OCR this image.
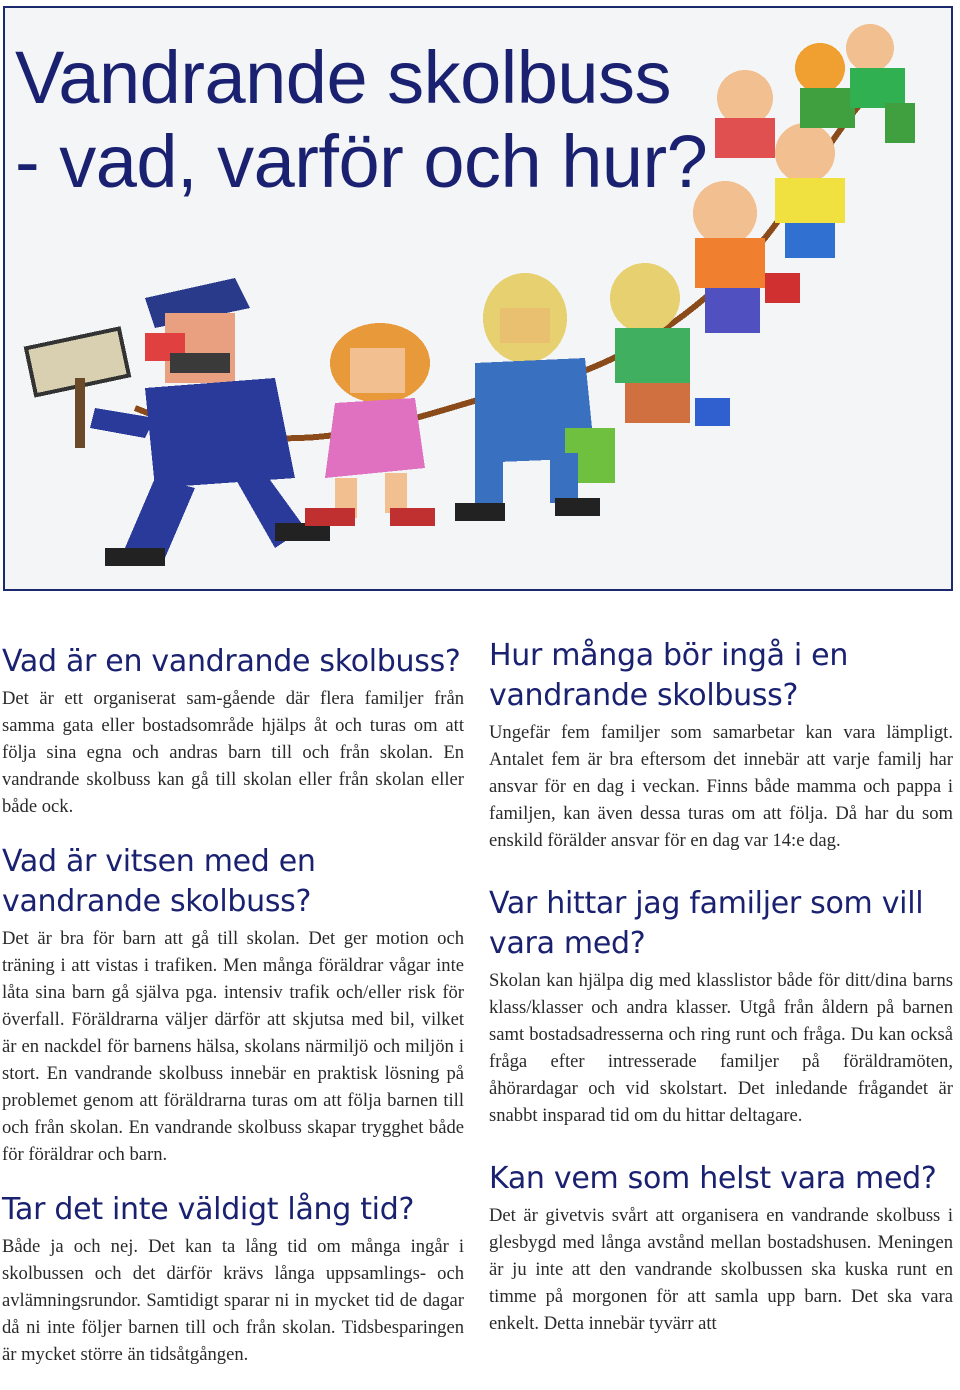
Vandrande skolbuss
- vad, varför och hur?
Vad är en vandrande skolbuss?

Det är ett organiserat sam-gående där flera familjer från samma gata eller bostadsområde hjälps åt och turas om att följa sina egna och andras barn till och från skolan. En vandrande skolbuss kan gå till skolan eller från skolan eller både ock.

Vad är vitsen med en vandrande skolbuss?

Det är bra för barn att gå till skolan. Det ger motion och träning i att vistas i trafiken. Men många föräldrar vågar inte låta sina barn gå själva pga. intensiv trafik och/eller risk för överfall. Föräldrarna väljer därför att skjutsa med bil, vilket är en nackdel för barnens hälsa, skolans närmiljö och miljön i stort. En vandrande skolbuss innebär en praktisk lösning på problemet genom att föräldrarna turas om att följa barnen till och från skolan. En vandrande skolbuss skapar trygghet både för föräldrar och barn.

Tar det inte väldigt lång tid?

Både ja och nej. Det kan ta lång tid om många ingår i skolbussen och det därför krävs långa uppsamlings- och avlämningsrundor. Samtidigt sparar ni in mycket tid de dagar då ni inte följer barnen till och från skolan. Tidsbesparingen är mycket större än tidsåtgången.

Hur många bör ingå i en vandrande skolbuss?

Ungefär fem familjer som samarbetar kan vara lämpligt. Antalet fem är bra eftersom det innebär att varje familj har ansvar för en dag i veckan. Finns både mamma och pappa i familjen, kan även dessa turas om att följa. Då har du som enskild förälder ansvar för en dag var 14:e dag.

Var hittar jag familjer som vill vara med?

Skolan kan hjälpa dig med klasslistor både för ditt/dina barns klass/klasser och andra klasser. Utgå från åldern på barnen samt bostadsadresserna och ring runt och fråga. Du kan också fråga efter intresserade familjer på föräldramöten, åhörardagar och vid skolstart. Det inledande frågandet är snabbt insparad tid om du hittar deltagare.

Kan vem som helst vara med?

Det är givetvis svårt att organisera en vandrande skolbuss i glesbygd med långa avstånd mellan bostadshusen. Meningen är ju inte att den vandrande skolbussen ska kuska runt en timme på morgonen för att samla upp barn. Det ska vara enkelt. Detta innebär tyvärr att
